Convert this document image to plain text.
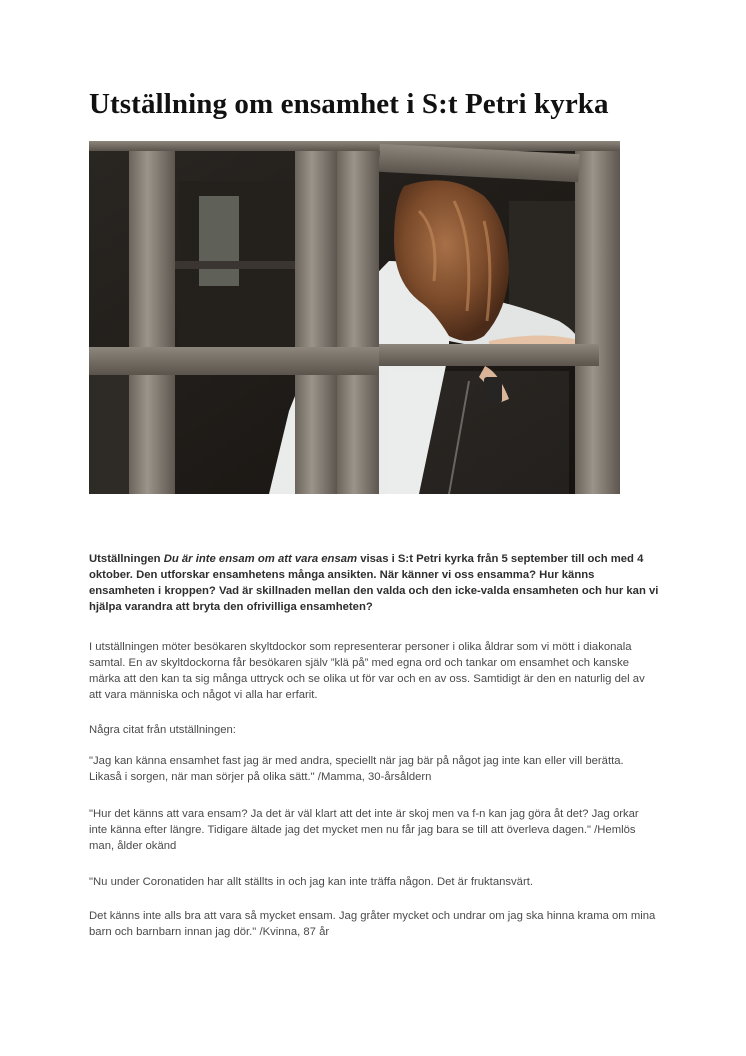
Utställning om ensamhet i S:t Petri kyrka

Utställningen Du är inte ensam om att vara ensam visas i S:t Petri kyrka från 5 september till och med 4 oktober. Den utforskar ensamhetens många ansikten. När känner vi oss ensamma? Hur känns ensamheten i kroppen? Vad är skillnaden mellan den valda och den icke-valda ensamheten och hur kan vi hjälpa varandra att bryta den ofrivilliga ensamheten?

I utställningen möter besökaren skyltdockor som representerar personer i olika åldrar som vi mött i diakonala samtal. En av skyltdockorna får besökaren själv ”klä på” med egna ord och tankar om ensamhet och kanske märka att den kan ta sig många uttryck och se olika ut för var och en av oss. Samtidigt är den en naturlig del av att vara människa och något vi alla har erfarit.

Några citat från utställningen:

"Jag kan känna ensamhet fast jag är med andra, speciellt när jag bär på något jag inte kan eller vill berätta. Likaså i sorgen, när man sörjer på olika sätt." /Mamma, 30-årsåldern

"Hur det känns att vara ensam? Ja det är väl klart att det inte är skoj men va f-n kan jag göra åt det? Jag orkar inte känna efter längre. Tidigare ältade jag det mycket men nu får jag bara se till att överleva dagen." /Hemlös man, ålder okänd

"Nu under Coronatiden har allt ställts in och jag kan inte träffa någon. Det är fruktansvärt.

Det känns inte alls bra att vara så mycket ensam. Jag gråter mycket och undrar om jag ska hinna krama om mina barn och barnbarn innan jag dör." /Kvinna, 87 år
